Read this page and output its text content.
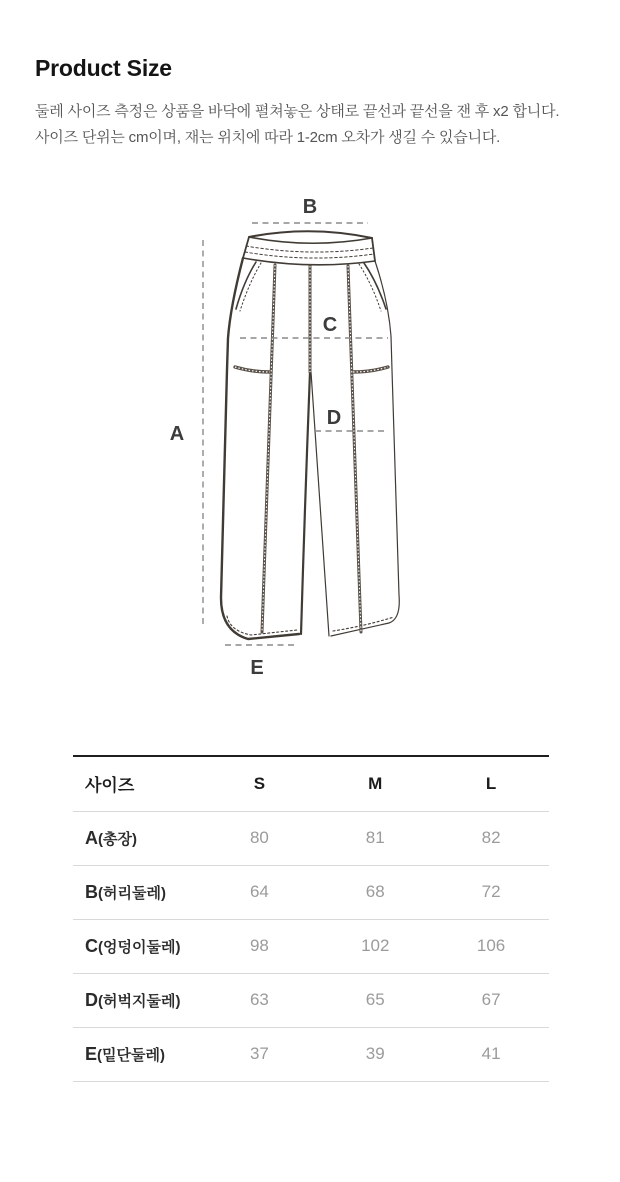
Product Size
둘레 사이즈 측정은 상품을 바닥에 펼쳐놓은 상태로 끝선과 끝선을 잰 후 x2 합니다.
사이즈 단위는 cm이며, 재는 위치에 따라 1-2cm 오차가 생길 수 있습니다.
B
A
C
D
E
사이즈	S	M	L
A(총장)	80	81	82
B(허리둘레)	64	68	72
C(엉덩이둘레)	98	102	106
D(허벅지둘레)	63	65	67
E(밑단둘레)	37	39	41
